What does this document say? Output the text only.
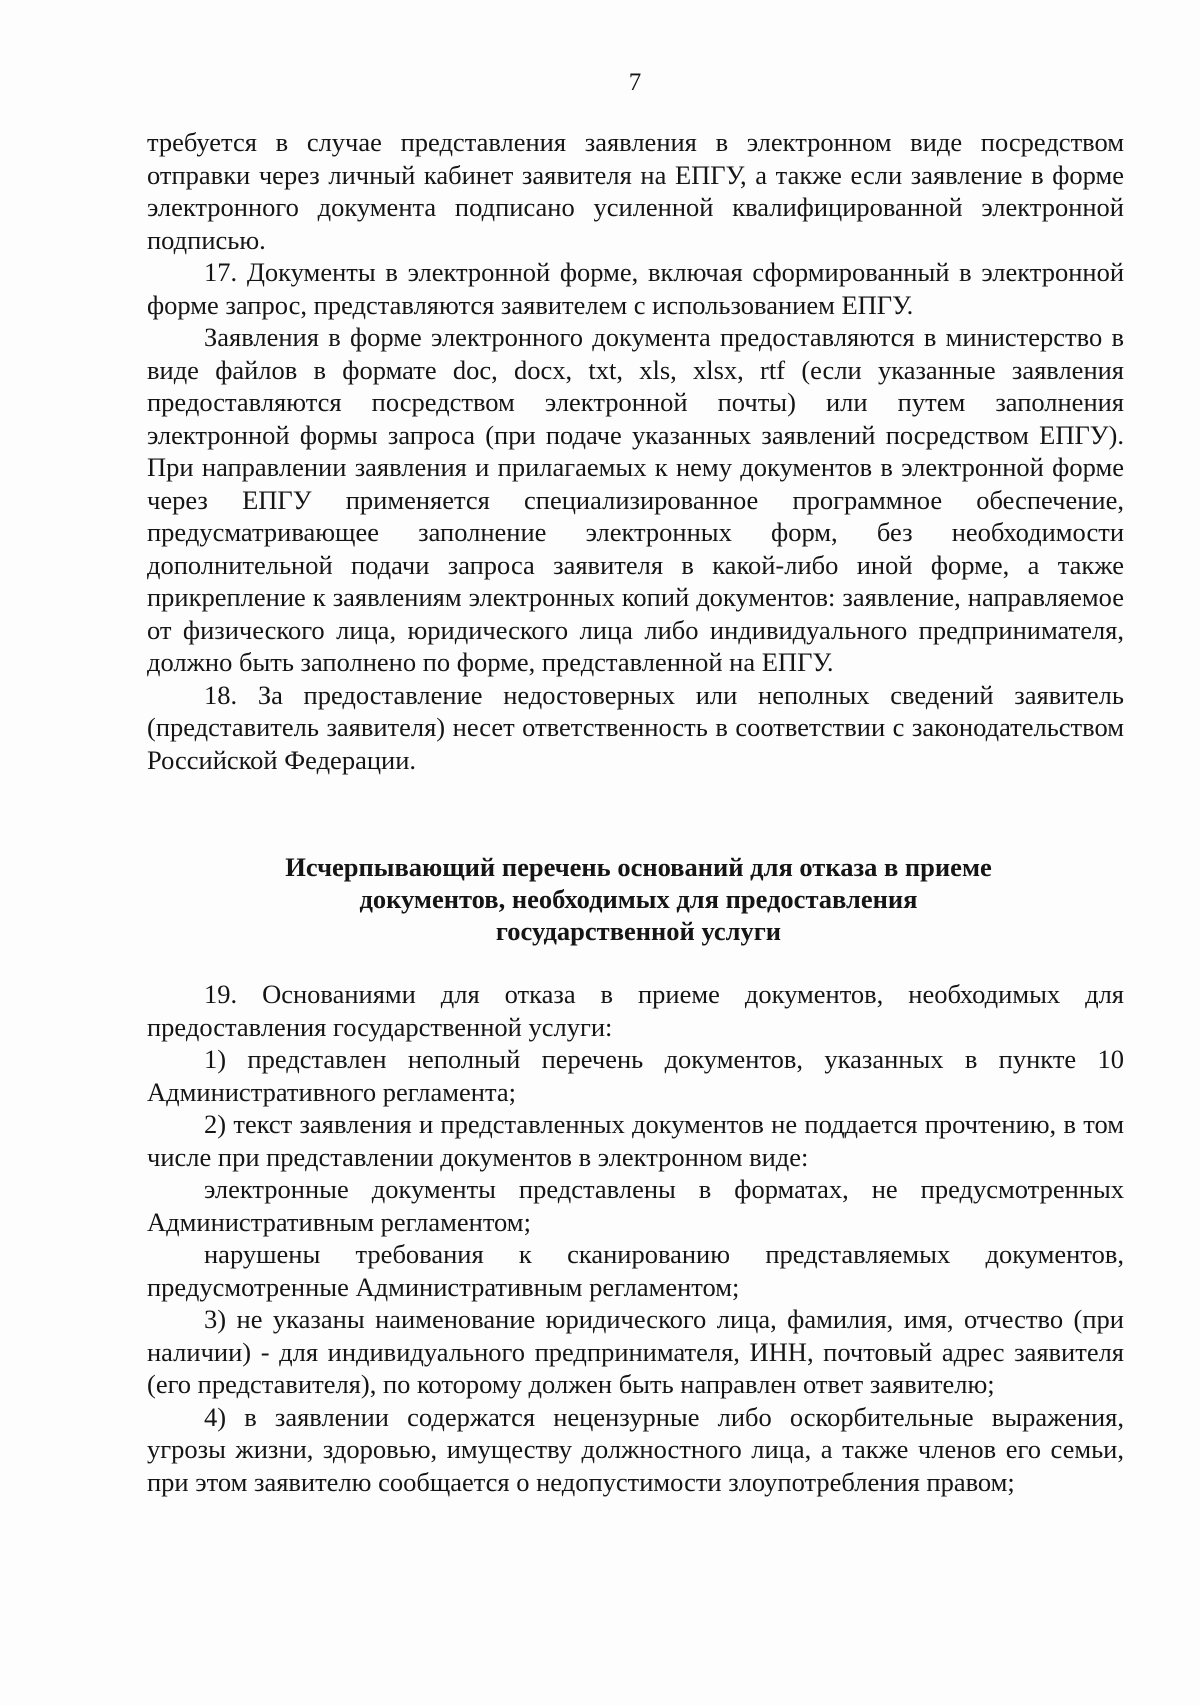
7

требуется в случае представления заявления в электронном виде посредством отправки через личный кабинет заявителя на ЕПГУ, а также если заявление в форме электронного документа подписано усиленной квалифицированной электронной подписью.

17. Документы в электронной форме, включая сформированный в электронной форме запрос, представляются заявителем с использованием ЕПГУ.

Заявления в форме электронного документа предоставляются в министерство в виде файлов в формате doc, docx, txt, xls, xlsx, rtf (если указанные заявления предоставляются посредством электронной почты) или путем заполнения электронной формы запроса (при подаче указанных заявлений посредством ЕПГУ). При направлении заявления и прилагаемых к нему документов в электронной форме через ЕПГУ применяется специализированное программное обеспечение, предусматривающее заполнение электронных форм, без необходимости дополнительной подачи запроса заявителя в какой-либо иной форме, а также прикрепление к заявлениям электронных копий документов: заявление, направляемое от физического лица, юридического лица либо индивидуального предпринимателя, должно быть заполнено по форме, представленной на ЕПГУ.

18. За предоставление недостоверных или неполных сведений заявитель (представитель заявителя) несет ответственность в соответствии с законодательством Российской Федерации.

Исчерпывающий перечень оснований для отказа в приеме
документов, необходимых для предоставления
государственной услуги

19. Основаниями для отказа в приеме документов, необходимых для предоставления государственной услуги:

1) представлен неполный перечень документов, указанных в пункте 10 Административного регламента;

2) текст заявления и представленных документов не поддается прочтению, в том числе при представлении документов в электронном виде:

электронные документы представлены в форматах, не предусмотренных Административным регламентом;

нарушены требования к сканированию представляемых документов, предусмотренные Административным регламентом;

3) не указаны наименование юридического лица, фамилия, имя, отчество (при наличии) - для индивидуального предпринимателя, ИНН, почтовый адрес заявителя (его представителя), по которому должен быть направлен ответ заявителю;

4) в заявлении содержатся нецензурные либо оскорбительные выражения, угрозы жизни, здоровью, имуществу должностного лица, а также членов его семьи, при этом заявителю сообщается о недопустимости злоупотребления правом;
